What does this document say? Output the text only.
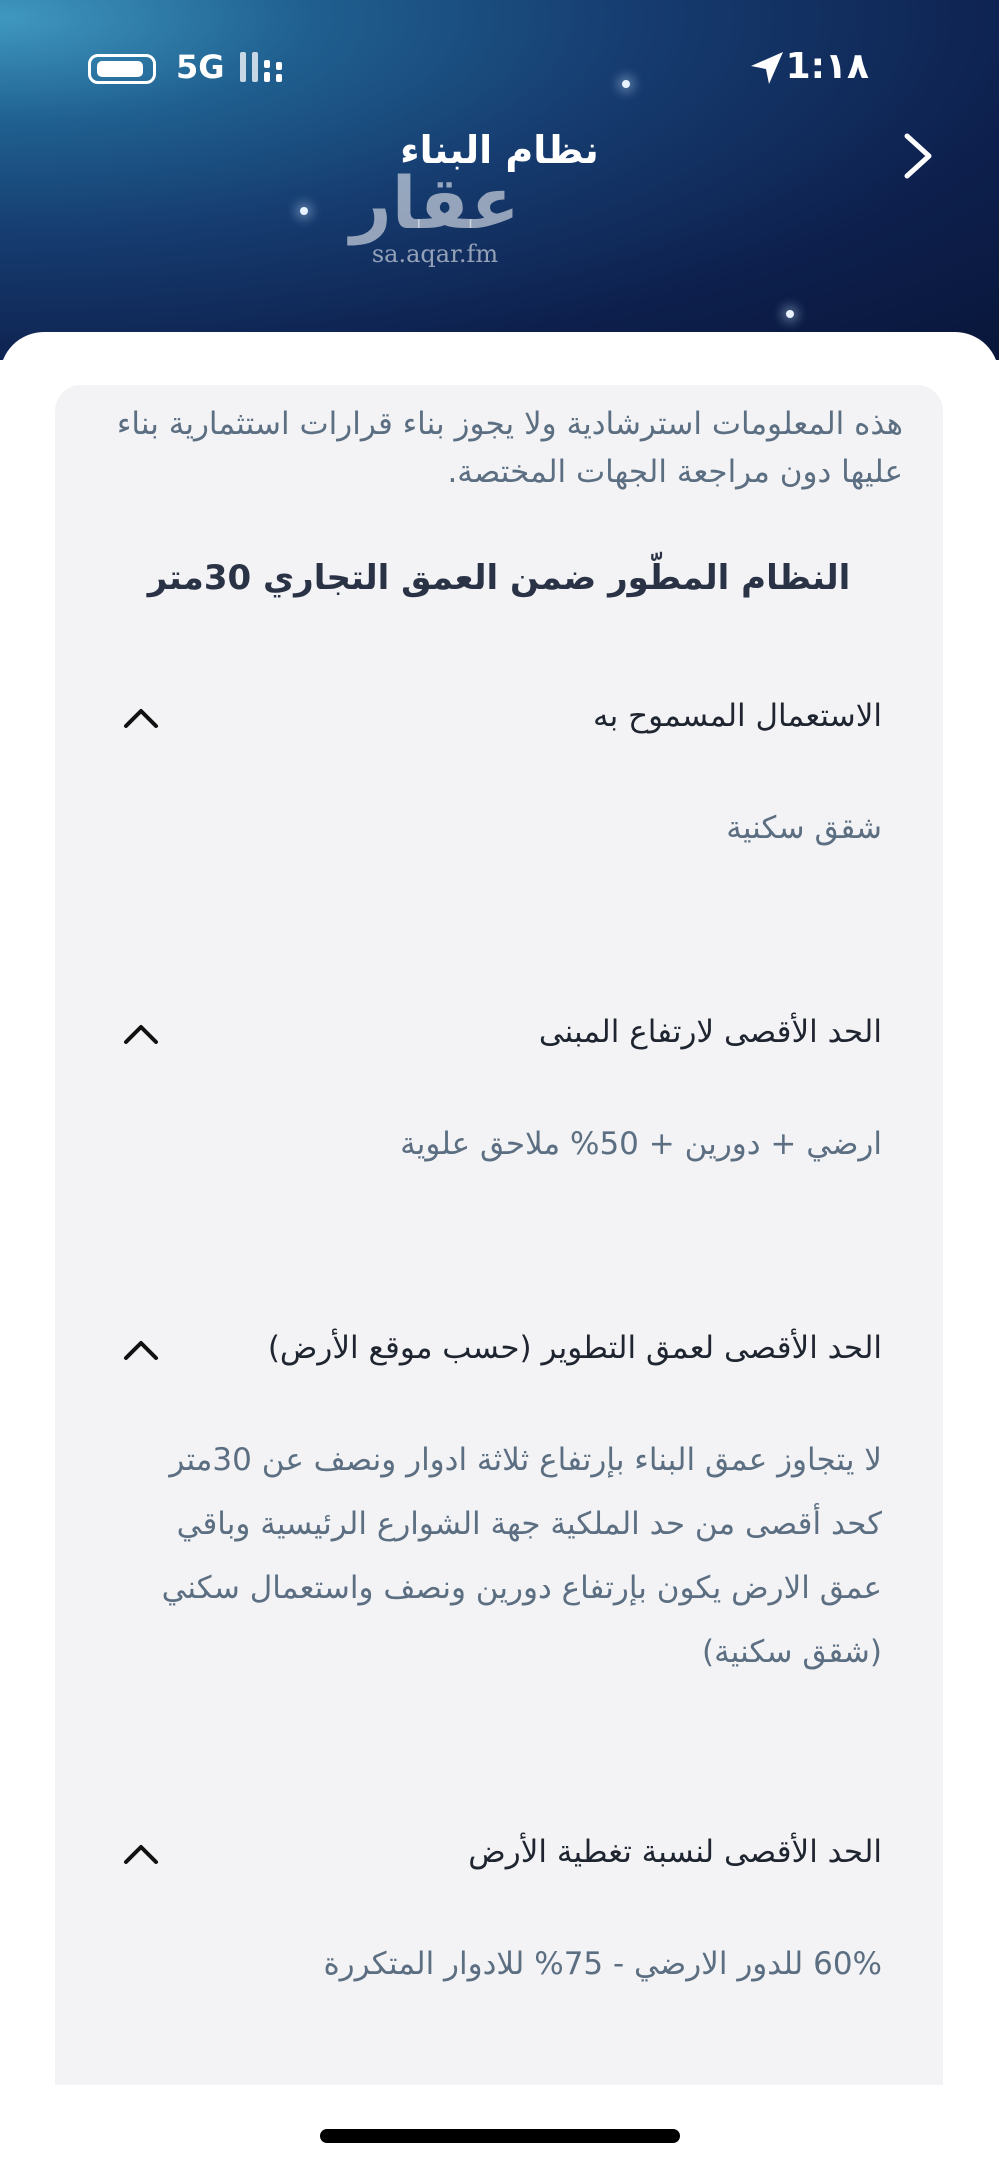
5G	1:١٨
نظام البناء
عقار
sa.aqar.fm
هذه المعلومات استرشادية ولا يجوز بناء قرارات استثمارية بناء عليها دون مراجعة الجهات المختصة.
النظام المطّور ضمن العمق التجاري 30متر
الاستعمال المسموح به
شقق سكنية
الحد الأقصى لارتفاع المبنى
ارضي + دورين + 50% ملاحق علوية
الحد الأقصى لعمق التطوير (حسب موقع الأرض)
لا يتجاوز عمق البناء بإرتفاع ثلاثة ادوار ونصف عن 30متر كحد أقصى من حد الملكية جهة الشوارع الرئيسية وباقي عمق الارض يكون بإرتفاع دورين ونصف واستعمال سكني (شقق سكنية)
الحد الأقصى لنسبة تغطية الأرض
60% للدور الارضي - 75% للادوار المتكررة
